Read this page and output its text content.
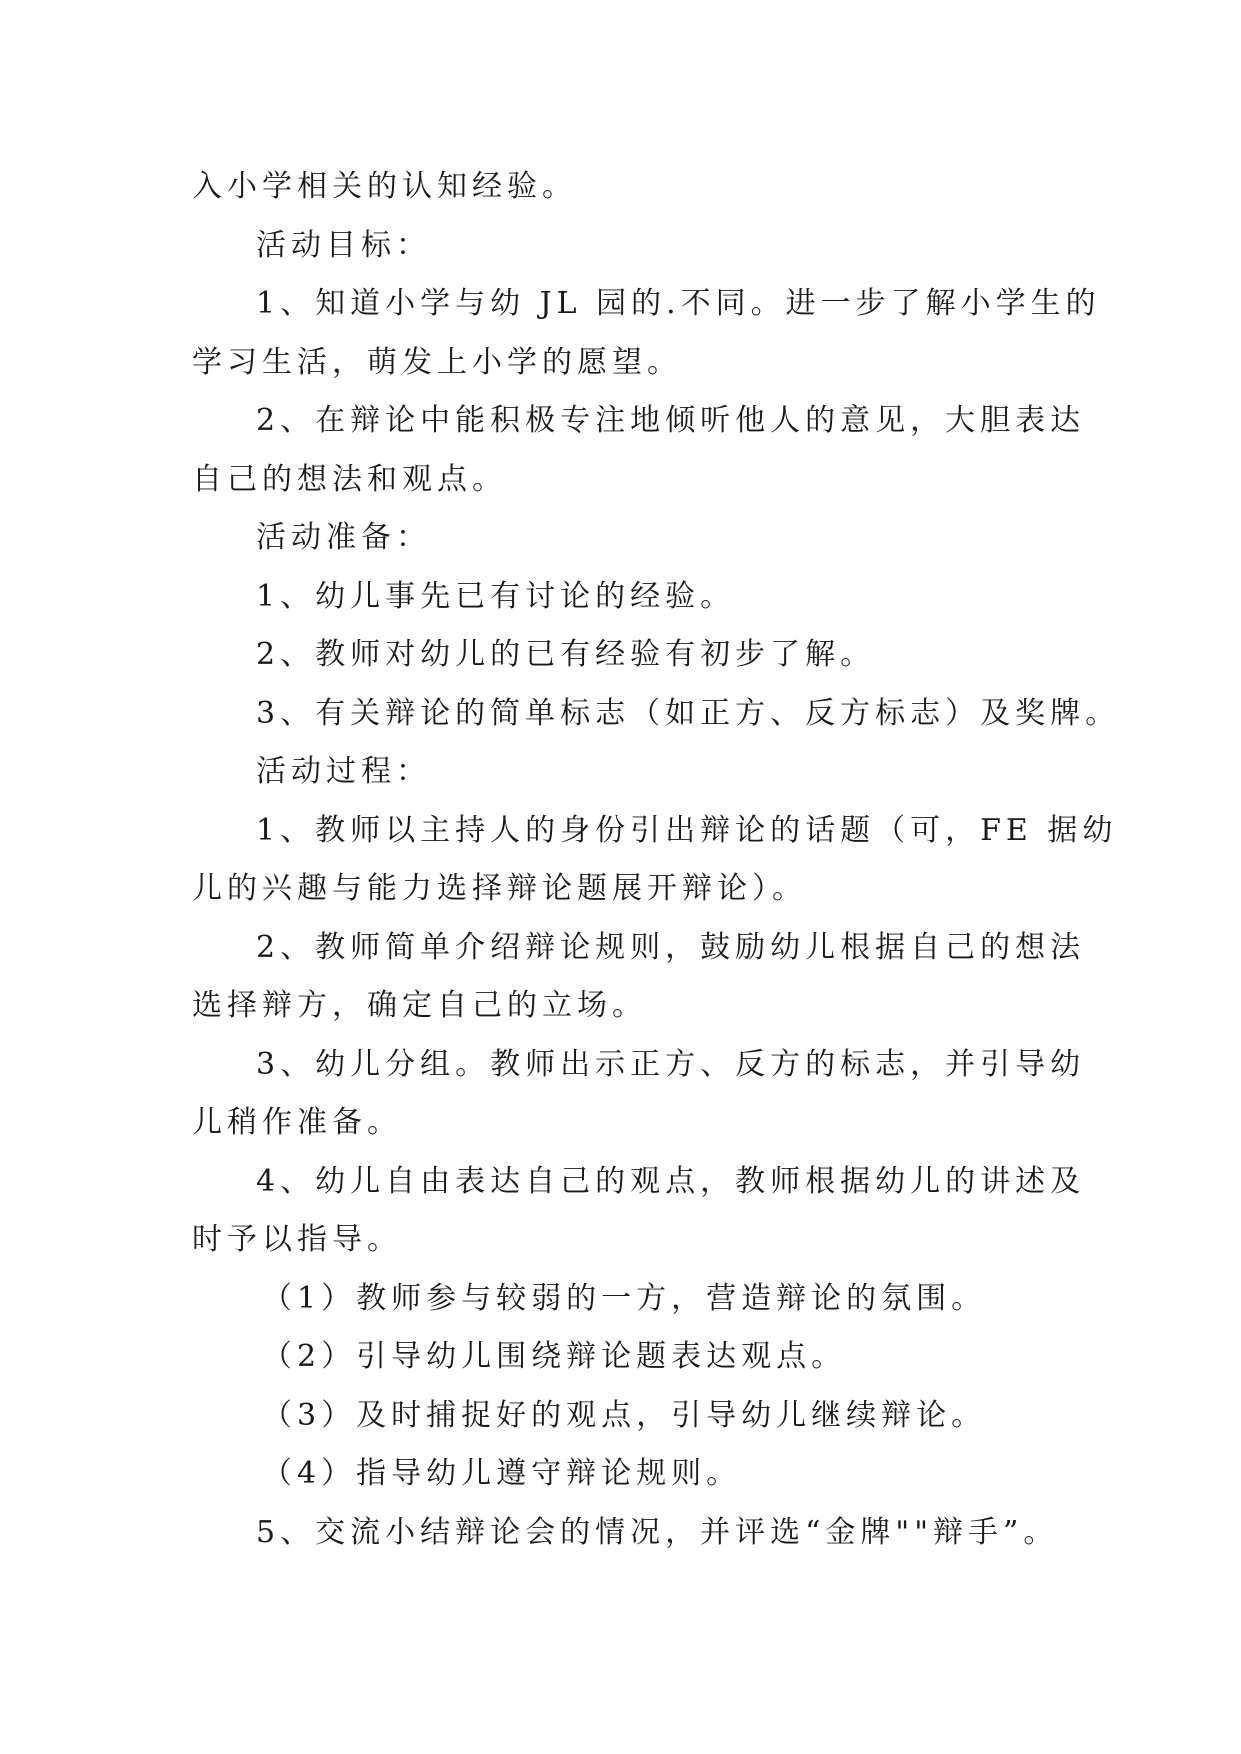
入小学相关的认知经验。
活动目标：
1、知道小学与幼 JL 园的.不同。进一步了解小学生的
学习生活，萌发上小学的愿望。
2、在辩论中能积极专注地倾听他人的意见，大胆表达
自己的想法和观点。
活动准备：
1、幼儿事先已有讨论的经验。
2、教师对幼儿的已有经验有初步了解。
3、有关辩论的简单标志（如正方、反方标志）及奖牌。
活动过程：
1、教师以主持人的身份引出辩论的话题（可，FE 据幼
儿的兴趣与能力选择辩论题展开辩论）。
2、教师简单介绍辩论规则，鼓励幼儿根据自己的想法
选择辩方，确定自己的立场。
3、幼儿分组。教师出示正方、反方的标志，并引导幼
儿稍作准备。
4、幼儿自由表达自己的观点，教师根据幼儿的讲述及
时予以指导。
（1）教师参与较弱的一方，营造辩论的氛围。
（2）引导幼儿围绕辩论题表达观点。
（3）及时捕捉好的观点，引导幼儿继续辩论。
（4）指导幼儿遵守辩论规则。
5、交流小结辩论会的情况，并评选“金牌""辩手”。
